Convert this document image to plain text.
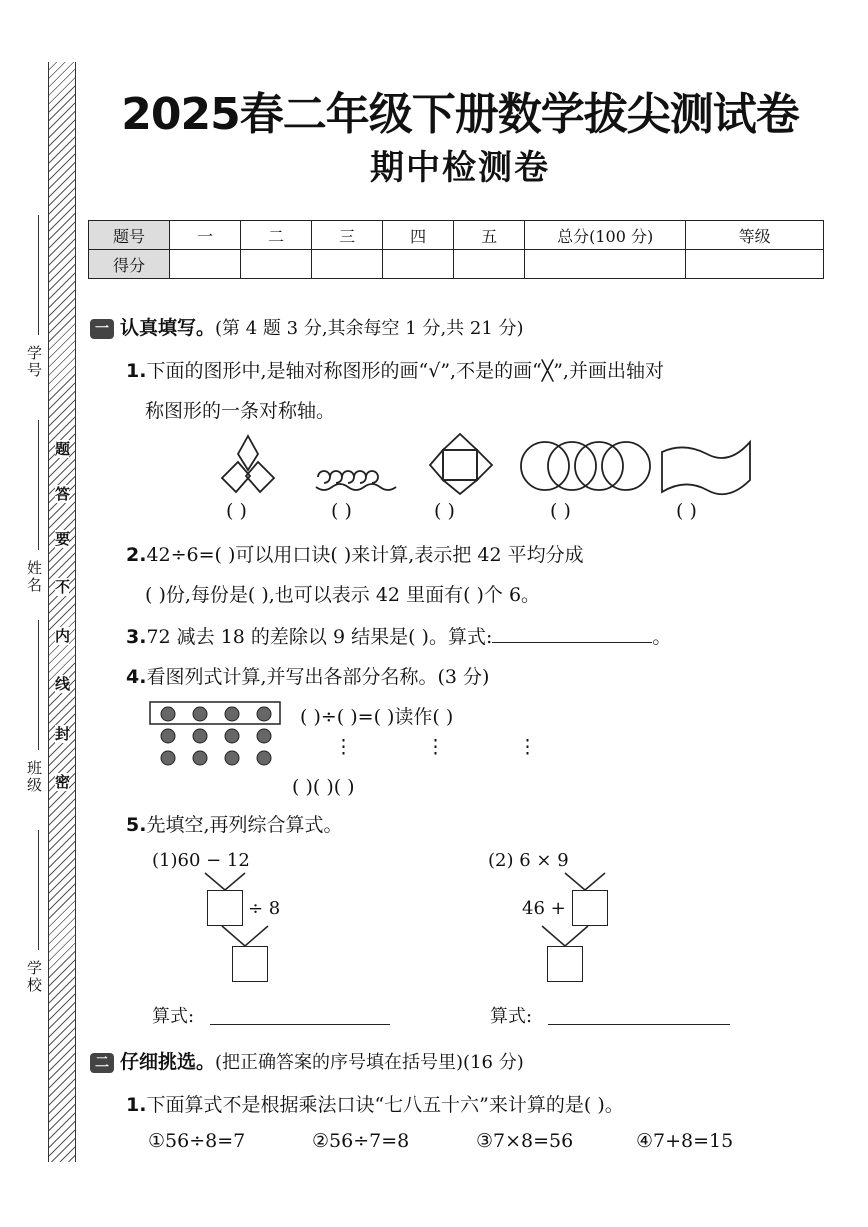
题
答
要
不
内
线
封
密
学号
姓名
班级
学校
2025春二年级下册数学拔尖测试卷
期中检测卷
题号	一	二	三	四	五	总分(100 分)	等级
得分							
一 认真填写。(第 4 题 3 分,其余每空 1 分,共 21 分)
1.下面的图形中,是轴对称图形的画“√”,不是的画“╳”,并画出轴对
称图形的一条对称轴。
( )	( )	( )	( )	( )
2.42÷6=( )可以用口诀( )来计算,表示把 42 平均分成
( )份,每份是( ),也可以表示 42 里面有( )个 6。
3.72 减去 18 的差除以 9 结果是( )。算式:	。
4.看图列式计算,并写出各部分名称。(3 分)
( )÷( )=( )读作( )
⋮	⋮	⋮
( )( )( )
5.先填空,再列综合算式。
(1)60 − 12
÷ 8
算式:
(2) 6 × 9
46 +
算式:
二 仔细挑选。(把正确答案的序号填在括号里)(16 分)
1.下面算式不是根据乘法口诀“七八五十六”来计算的是( )。
①56÷8=7	②56÷7=8	③7×8=56	④7+8=15
